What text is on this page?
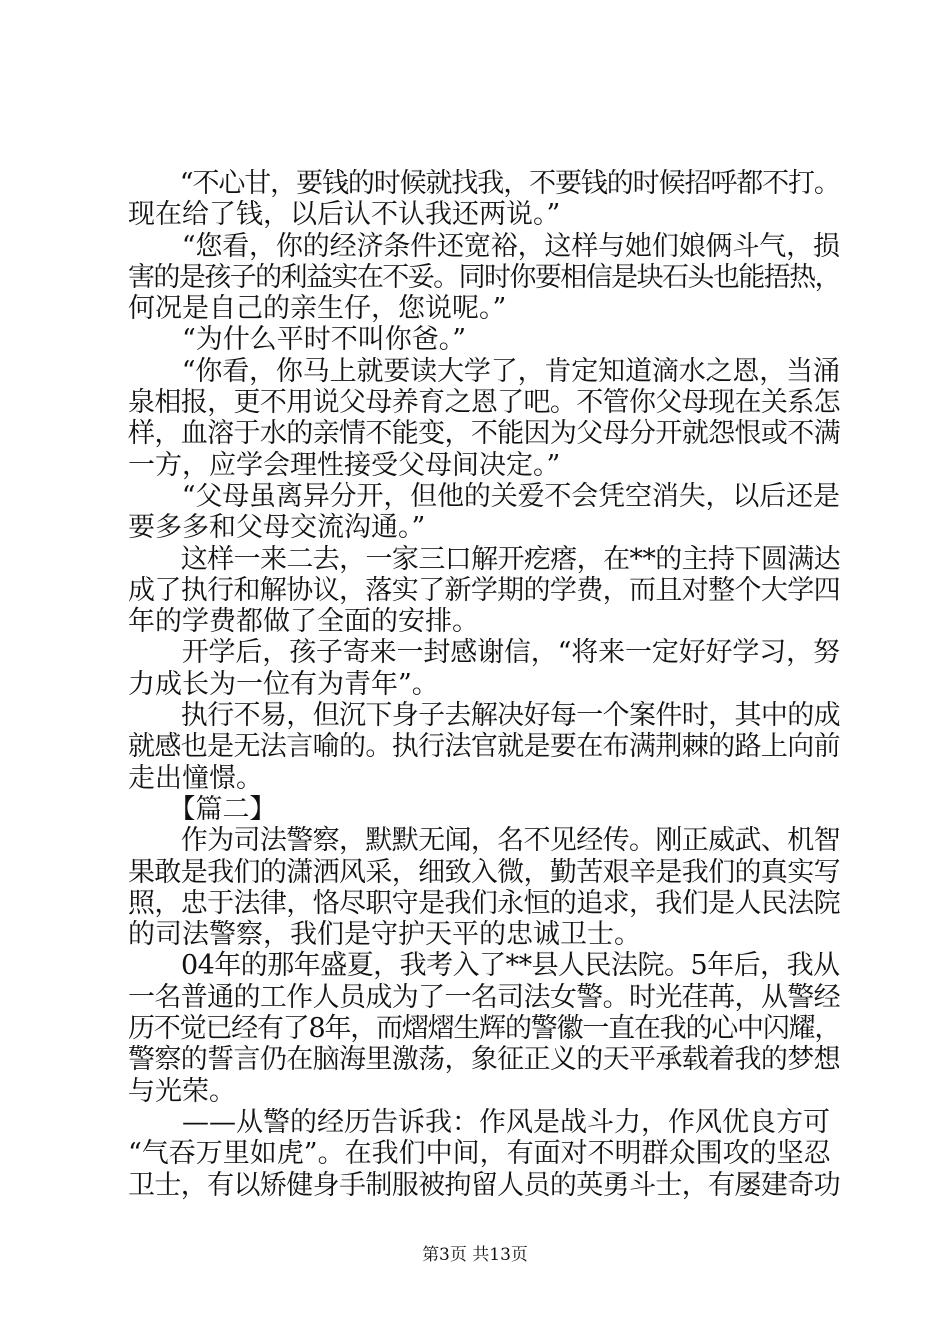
　　“不心甘，要钱的时候就找我，不要钱的时候招呼都不打。
现在给了钱，以后认不认我还两说。”
　　“您看，你的经济条件还宽裕，这样与她们娘俩斗气，损
害的是孩子的利益实在不妥。同时你要相信是块石头也能捂热，
何况是自己的亲生仔，您说呢。”
　　“为什么平时不叫你爸。”
　　“你看，你马上就要读大学了，肯定知道滴水之恩，当涌
泉相报，更不用说父母养育之恩了吧。不管你父母现在关系怎
样，血溶于水的亲情不能变，不能因为父母分开就怨恨或不满
一方，应学会理性接受父母间决定。”
　　“父母虽离异分开，但他的关爱不会凭空消失，以后还是
要多多和父母交流沟通。”
　　这样一来二去，一家三口解开疙瘩，在**的主持下圆满达
成了执行和解协议，落实了新学期的学费，而且对整个大学四
年的学费都做了全面的安排。
　　开学后，孩子寄来一封感谢信，“将来一定好好学习，努
力成长为一位有为青年”。
　　执行不易，但沉下身子去解决好每一个案件时，其中的成
就感也是无法言喻的。执行法官就是要在布满荆棘的路上向前
走出憧憬。
　　【篇二】
　　作为司法警察，默默无闻，名不见经传。刚正威武、机智
果敢是我们的潇洒风采，细致入微，勤苦艰辛是我们的真实写
照，忠于法律，恪尽职守是我们永恒的追求，我们是人民法院
的司法警察，我们是守护天平的忠诚卫士。
　　04年的那年盛夏，我考入了**县人民法院。5年后，我从
一名普通的工作人员成为了一名司法女警。时光荏苒，从警经
历不觉已经有了8年，而熠熠生辉的警徽一直在我的心中闪耀，
警察的誓言仍在脑海里激荡，象征正义的天平承载着我的梦想
与光荣。
　　——从警的经历告诉我：作风是战斗力，作风优良方可
“气吞万里如虎”。在我们中间，有面对不明群众围攻的坚忍
卫士，有以矫健身手制服被拘留人员的英勇斗士，有屡建奇功
第3页 共13页
